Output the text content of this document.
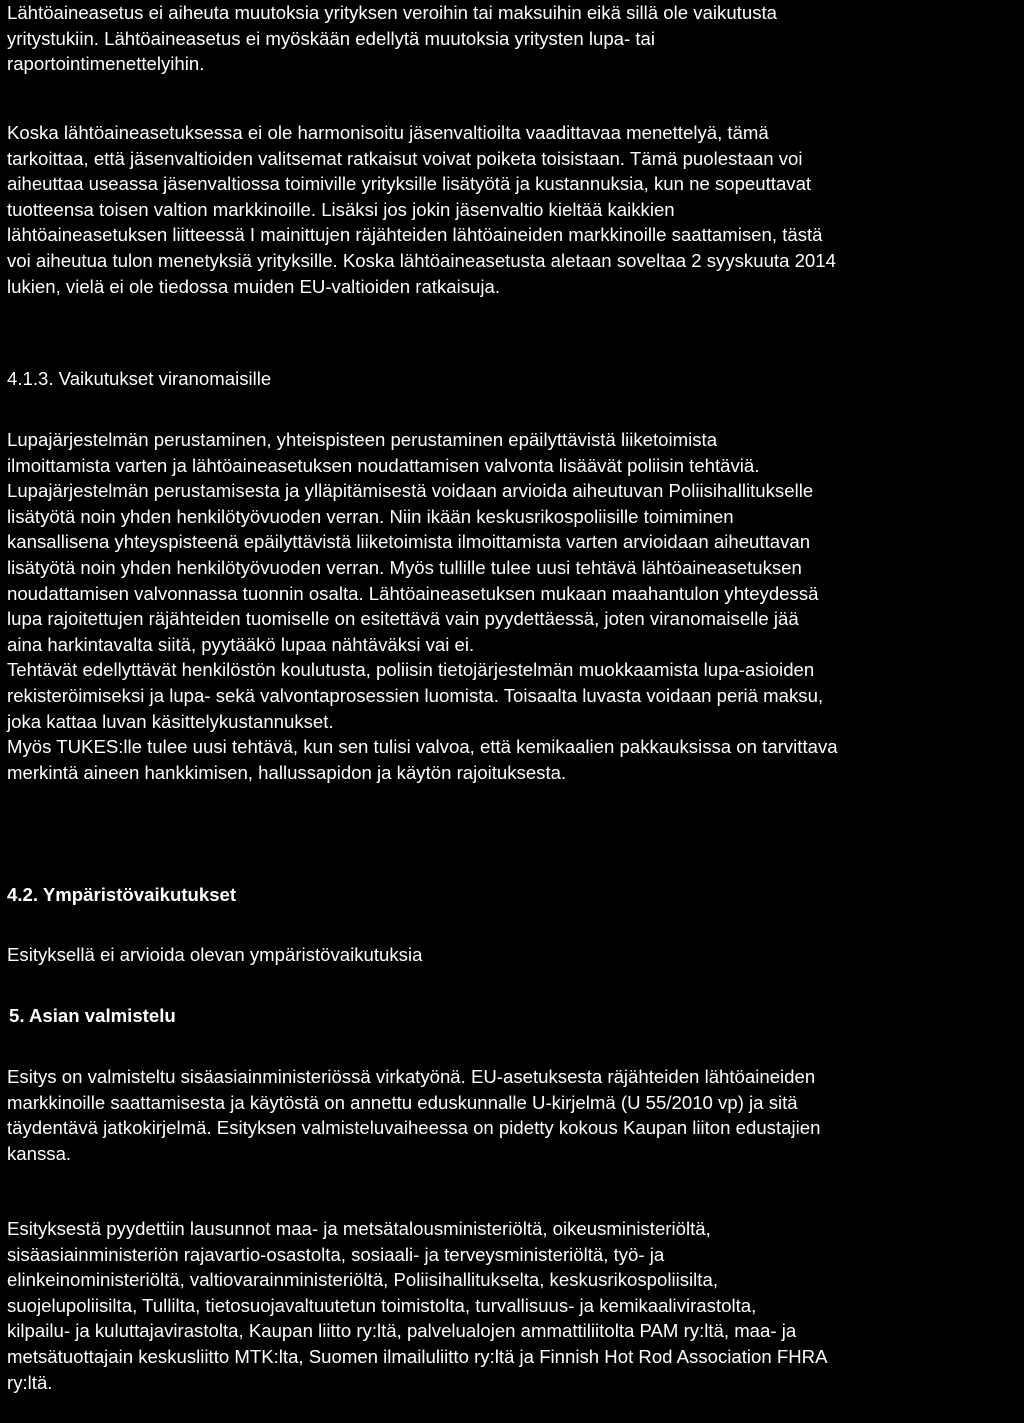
Lähtöaineasetus ei aiheuta muutoksia yrityksen veroihin tai maksuihin eikä sillä ole vaikutusta
yritystukiin. Lähtöaineasetus ei myöskään edellytä muutoksia yritysten lupa- tai
raportointimenettelyihin.
Koska lähtöaineasetuksessa ei ole harmonisoitu jäsenvaltioilta vaadittavaa menettelyä, tämä
tarkoittaa, että jäsenvaltioiden valitsemat ratkaisut voivat poiketa toisistaan. Tämä puolestaan voi
aiheuttaa useassa jäsenvaltiossa toimiville yrityksille lisätyötä ja kustannuksia, kun ne sopeuttavat
tuotteensa toisen valtion markkinoille. Lisäksi jos jokin jäsenvaltio kieltää kaikkien
lähtöaineasetuksen liitteessä I mainittujen räjähteiden lähtöaineiden markkinoille saattamisen, tästä
voi aiheutua tulon menetyksiä yrityksille. Koska lähtöaineasetusta aletaan soveltaa 2 syyskuuta 2014
lukien, vielä ei ole tiedossa muiden EU-valtioiden ratkaisuja.
4.1.3. Vaikutukset viranomaisille
Lupajärjestelmän perustaminen, yhteispisteen perustaminen epäilyttävistä liiketoimista
ilmoittamista varten ja lähtöaineasetuksen noudattamisen valvonta lisäävät poliisin tehtäviä.
Lupajärjestelmän perustamisesta ja ylläpitämisestä voidaan arvioida aiheutuvan Poliisihallitukselle
lisätyötä noin yhden henkilötyövuoden verran. Niin ikään keskusrikospoliisille toimiminen
kansallisena yhteyspisteenä epäilyttävistä liiketoimista ilmoittamista varten arvioidaan aiheuttavan
lisätyötä noin yhden henkilötyövuoden verran. Myös tullille tulee uusi tehtävä lähtöaineasetuksen
noudattamisen valvonnassa tuonnin osalta. Lähtöaineasetuksen mukaan maahantulon yhteydessä
lupa rajoitettujen räjähteiden tuomiselle on esitettävä vain pyydettäessä, joten viranomaiselle jää
aina harkintavalta siitä, pyytääkö lupaa nähtäväksi vai ei.
Tehtävät edellyttävät henkilöstön koulutusta, poliisin tietojärjestelmän muokkaamista lupa-asioiden
rekisteröimiseksi ja lupa- sekä valvontaprosessien luomista. Toisaalta luvasta voidaan periä maksu,
joka kattaa luvan käsittelykustannukset.
Myös TUKES:lle tulee uusi tehtävä, kun sen tulisi valvoa, että kemikaalien pakkauksissa on tarvittava
merkintä aineen hankkimisen, hallussapidon ja käytön rajoituksesta.
4.2. Ympäristövaikutukset
Esityksellä ei arvioida olevan ympäristövaikutuksia
5. Asian valmistelu
Esitys on valmisteltu sisäasiainministeriössä virkatyönä. EU-asetuksesta räjähteiden lähtöaineiden
markkinoille saattamisesta ja käytöstä on annettu eduskunnalle U-kirjelmä (U 55/2010 vp) ja sitä
täydentävä jatkokirjelmä. Esityksen valmisteluvaiheessa on pidetty kokous Kaupan liiton edustajien
kanssa.
Esityksestä pyydettiin lausunnot maa- ja metsätalousministeriöltä, oikeusministeriöltä,
sisäasiainministeriön rajavartio-osastolta, sosiaali- ja terveysministeriöltä, työ- ja
elinkeinoministeriöltä, valtiovarainministeriöltä, Poliisihallitukselta, keskusrikospoliisilta,
suojelupoliisilta, Tullilta, tietosuojavaltuutetun toimistolta, turvallisuus- ja kemikaalivirastolta,
kilpailu- ja kuluttajavirastolta, Kaupan liitto ry:ltä, palvelualojen ammattiliitolta PAM ry:ltä, maa- ja
metsätuottajain keskusliitto MTK:lta, Suomen ilmailuliitto ry:ltä ja Finnish Hot Rod Association FHRA
ry:ltä.
